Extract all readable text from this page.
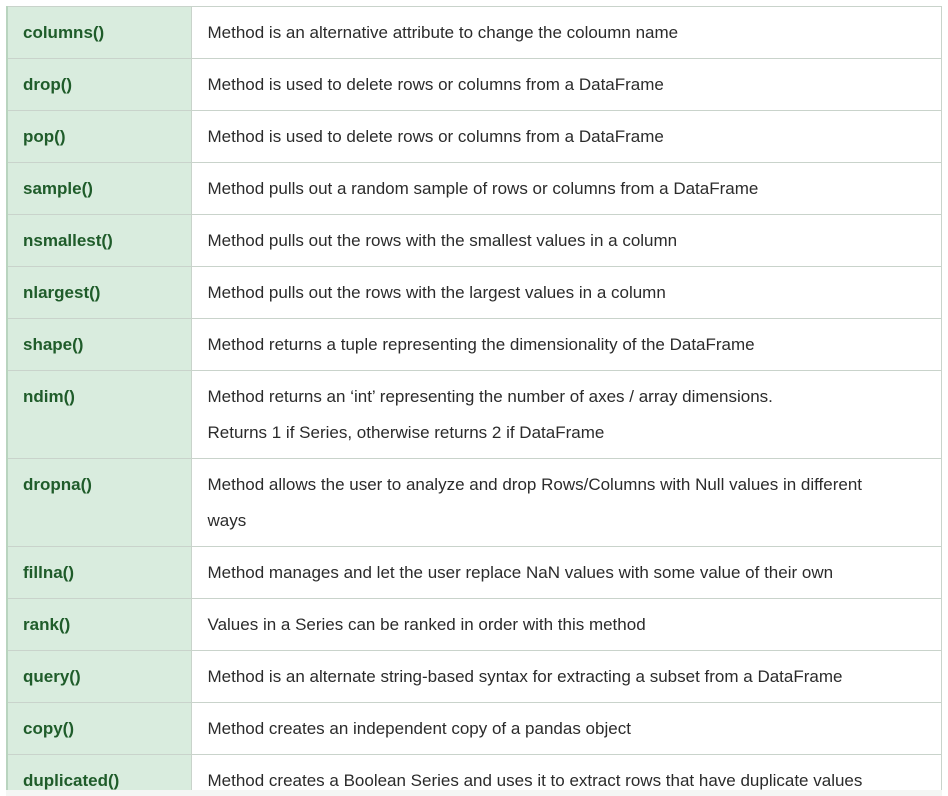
columns()	Method is an alternative attribute to change the coloumn name

drop()	Method is used to delete rows or columns from a DataFrame

pop()	Method is used to delete rows or columns from a DataFrame

sample()	Method pulls out a random sample of rows or columns from a DataFrame

nsmallest()	Method pulls out the rows with the smallest values in a column

nlargest()	Method pulls out the rows with the largest values in a column

shape()	Method returns a tuple representing the dimensionality of the DataFrame

ndim()	Method returns an ‘int’ representing the number of axes / array dimensions.
Returns 1 if Series, otherwise returns 2 if DataFrame

dropna()	Method allows the user to analyze and drop Rows/Columns with Null values in different
ways

fillna()	Method manages and let the user replace NaN values with some value of their own

rank()	Values in a Series can be ranked in order with this method

query()	Method is an alternate string-based syntax for extracting a subset from a DataFrame

copy()	Method creates an independent copy of a pandas object

duplicated()	Method creates a Boolean Series and uses it to extract rows that have duplicate values
